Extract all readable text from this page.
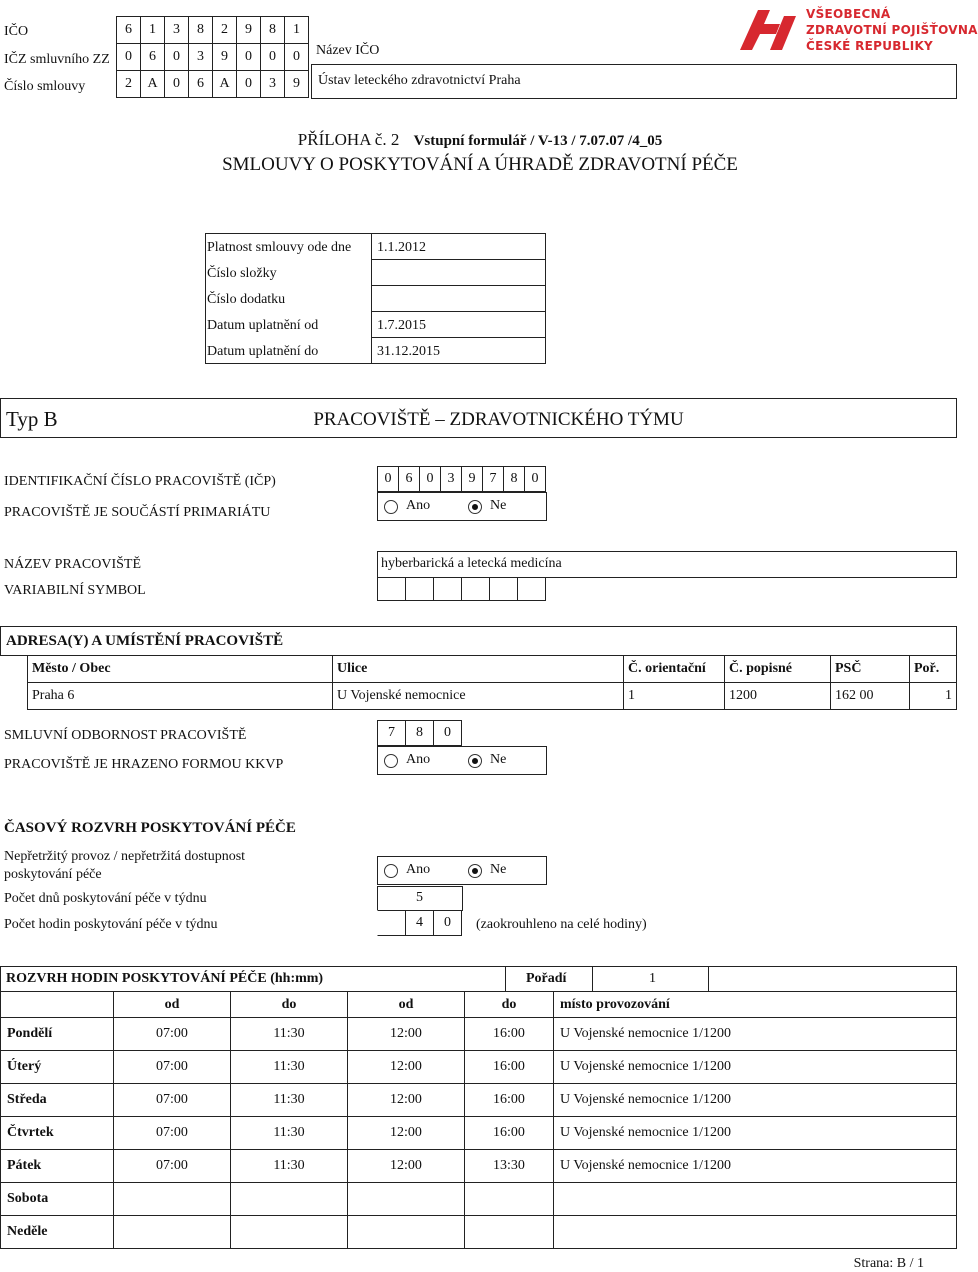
IČO
IČZ smluvního ZZ
Číslo smlouvy
6	1	3	8	2	9	8	1
0	6	0	3	9	0	0	0
2	A	0	6	A	0	3	9
Název IČO
Ústav leteckého zdravotnictví Praha
VŠEOBECNÁ
ZDRAVOTNÍ POJIŠŤOVNA
ČESKÉ REPUBLIKY
PŘÍLOHA č. 2 Vstupní formulář / V-13 / 7.07.07 /4_05
SMLOUVY O POSKYTOVÁNÍ A ÚHRADĚ ZDRAVOTNÍ PÉČE
Platnost smlouvy ode dne 1.1.2012
Číslo složky
Číslo dodatku
Datum uplatnění od	1.7.2015
Datum uplatnění do	31.12.2015
Typ B	PRACOVIŠTĚ – ZDRAVOTNICKÉHO TÝMU
IDENTIFIKAČNÍ ČÍSLO PRACOVIŠTĚ (IČP)	0	6	0	3	9	7	8	0
PRACOVIŠTĚ JE SOUČÁSTÍ PRIMARIÁTU	Ano	Ne
NÁZEV PRACOVIŠTĚ	hyberbarická a letecká medicína
VARIABILNÍ SYMBOL
ADRESA(Y) A UMÍSTĚNÍ PRACOVIŠTĚ
Město / Obec	Ulice	Č. orientační	Č. popisné	PSČ	Poř.
Praha 6	U Vojenské nemocnice	1	1200	162 00	1
SMLUVNÍ ODBORNOST PRACOVIŠTĚ	7	8	0
PRACOVIŠTĚ JE HRAZENO FORMOU KKVP	Ano	Ne
ČASOVÝ ROZVRH POSKYTOVÁNÍ PÉČE
Nepřetržitý provoz / nepřetržitá dostupnost
poskytování péče	Ano	Ne
Počet dnů poskytování péče v týdnu	5
Počet hodin poskytování péče v týdnu	4	0	(zaokrouhleno na celé hodiny)
ROZVRH HODIN POSKYTOVÁNÍ PÉČE (hh:mm)	Pořadí	1
	od	do	od	do	místo provozování
Pondělí	07:00	11:30	12:00	16:00	U Vojenské nemocnice 1/1200
Úterý	07:00	11:30	12:00	16:00	U Vojenské nemocnice 1/1200
Středa	07:00	11:30	12:00	16:00	U Vojenské nemocnice 1/1200
Čtvrtek	07:00	11:30	12:00	16:00	U Vojenské nemocnice 1/1200
Pátek	07:00	11:30	12:00	13:30	U Vojenské nemocnice 1/1200
Sobota					
Neděle					
Strana: B / 1
